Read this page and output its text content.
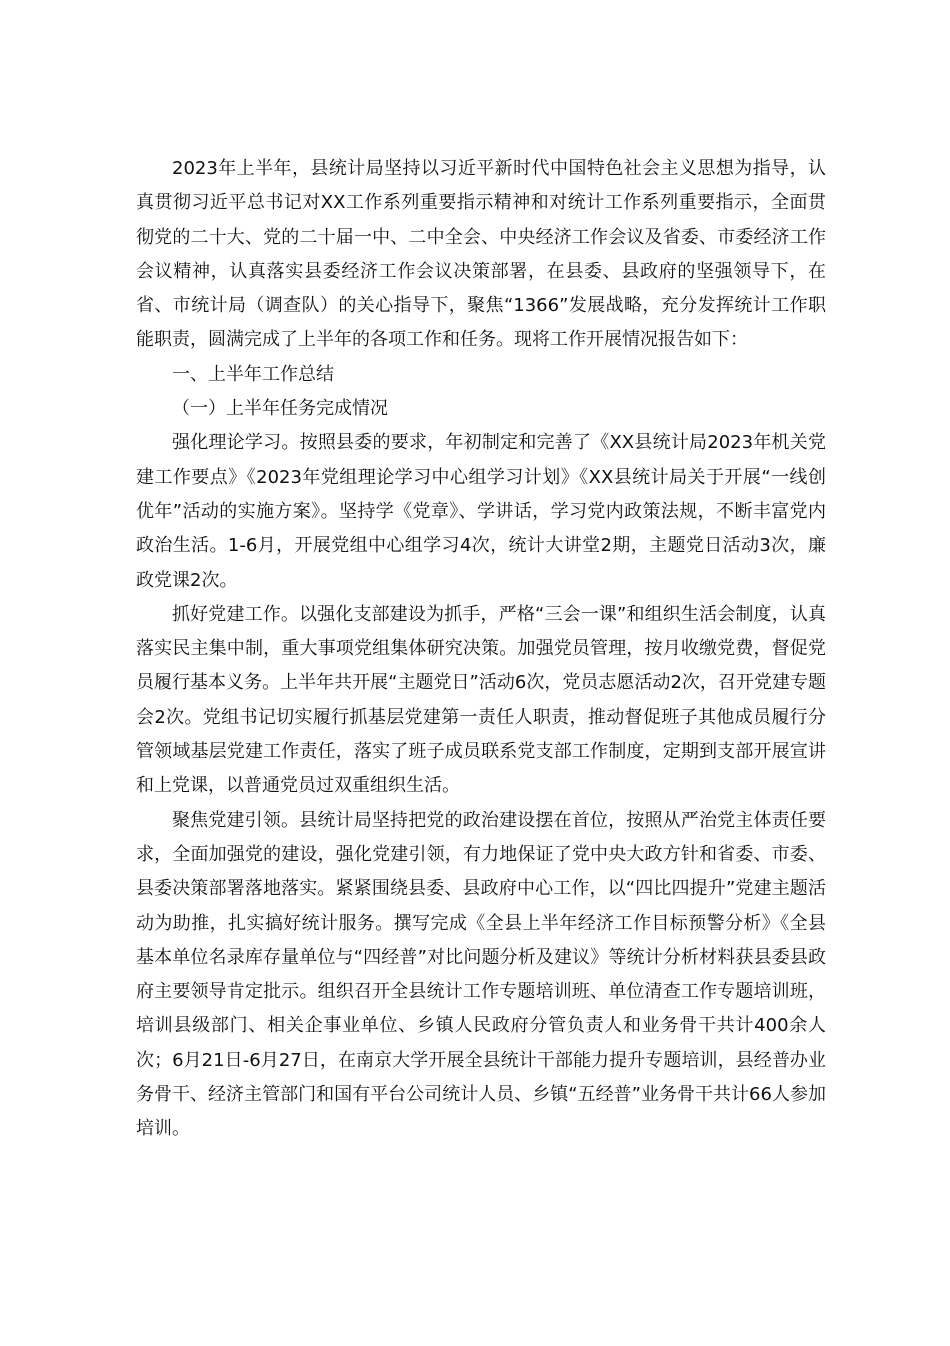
2023年上半年，县统计局坚持以习近平新时代中国特色社会主义思想为指导，认真贯彻习近平总书记对XX工作系列重要指示精神和对统计工作系列重要指示，全面贯彻党的二十大、党的二十届一中、二中全会、中央经济工作会议及省委、市委经济工作会议精神，认真落实县委经济工作会议决策部署，在县委、县政府的坚强领导下，在省、市统计局（调查队）的关心指导下，聚焦“1366”发展战略，充分发挥统计工作职能职责，圆满完成了上半年的各项工作和任务。现将工作开展情况报告如下：

一、上半年工作总结

（一）上半年任务完成情况

强化理论学习。按照县委的要求，年初制定和完善了《XX县统计局2023年机关党建工作要点》《2023年党组理论学习中心组学习计划》《XX县统计局关于开展“一线创优年”活动的实施方案》。坚持学《党章》、学讲话，学习党内政策法规，不断丰富党内政治生活。1-6月，开展党组中心组学习4次，统计大讲堂2期，主题党日活动3次，廉政党课2次。

抓好党建工作。以强化支部建设为抓手，严格“三会一课”和组织生活会制度，认真落实民主集中制，重大事项党组集体研究决策。加强党员管理，按月收缴党费，督促党员履行基本义务。上半年共开展“主题党日”活动6次，党员志愿活动2次，召开党建专题会2次。党组书记切实履行抓基层党建第一责任人职责，推动督促班子其他成员履行分管领域基层党建工作责任，落实了班子成员联系党支部工作制度，定期到支部开展宣讲和上党课，以普通党员过双重组织生活。

聚焦党建引领。县统计局坚持把党的政治建设摆在首位，按照从严治党主体责任要求，全面加强党的建设，强化党建引领，有力地保证了党中央大政方针和省委、市委、县委决策部署落地落实。紧紧围绕县委、县政府中心工作，以“四比四提升”党建主题活动为助推，扎实搞好统计服务。撰写完成《全县上半年经济工作目标预警分析》《全县基本单位名录库存量单位与“四经普”对比问题分析及建议》等统计分析材料获县委县政府主要领导肯定批示。组织召开全县统计工作专题培训班、单位清查工作专题培训班，培训县级部门、相关企事业单位、乡镇人民政府分管负责人和业务骨干共计400余人次；6月21日-6月27日，在南京大学开展全县统计干部能力提升专题培训，县经普办业务骨干、经济主管部门和国有平台公司统计人员、乡镇“五经普”业务骨干共计66人参加培训。
